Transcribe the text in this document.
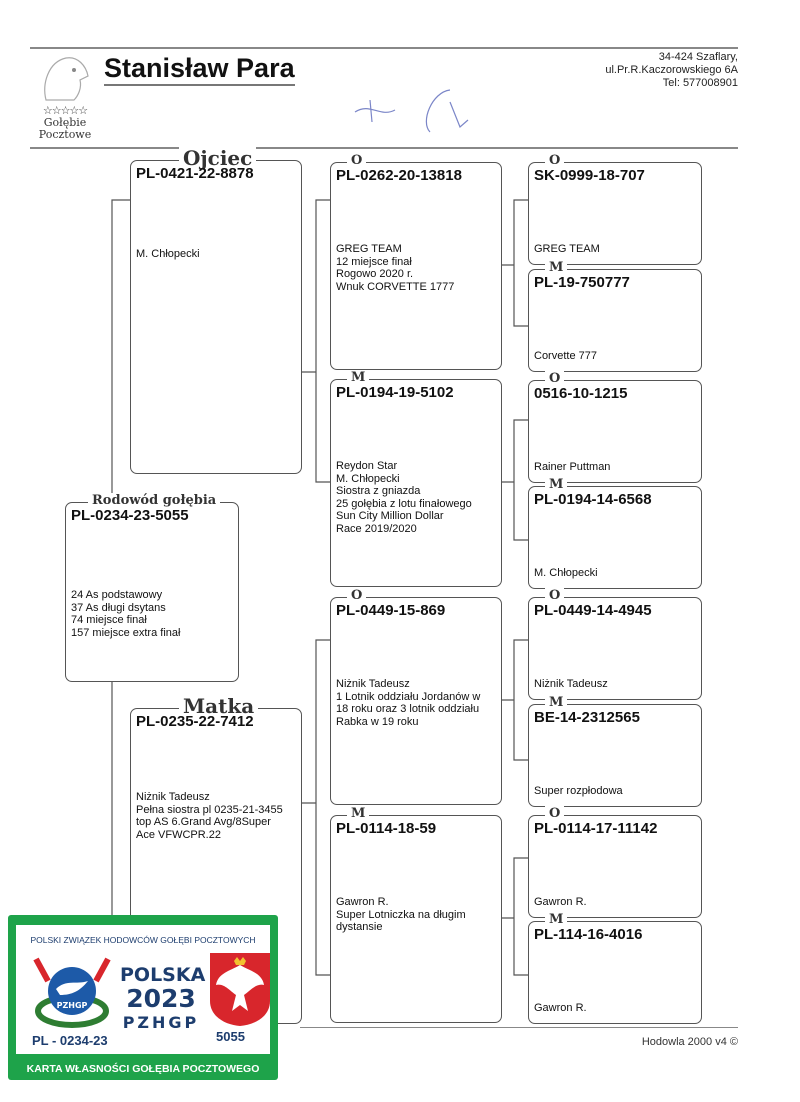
☆☆☆☆☆
Gołębie
Pocztowe
Stanisław Para	34-424 Szaflary,
ul.Pr.R.Kaczorowskiego 6A
Tel: 577008901
Rodowód gołębia
PL-0234-23-5055
24 As podstawowy
37 As długi dsytans
74 miejsce finał
157 miejsce extra finał
Ojciec
PL-0421-22-8878
M. Chłopecki
Matka
PL-0235-22-7412
Niżnik Tadeusz
Pełna siostra pl 0235-21-3455
top AS 6.Grand Avg/8Super
Ace VFWCPR.22
O
PL-0262-20-13818
GREG TEAM
12 miejsce finał
Rogowo 2020 r.
Wnuk CORVETTE 1777
M
PL-0194-19-5102
Reydon Star
M. Chłopecki
Siostra z gniazda
25 gołębia z lotu finałowego
Sun City Million Dollar
Race 2019/2020
O
PL-0449-15-869
Niżnik Tadeusz
1 Lotnik oddziału Jordanów w
18 roku oraz 3 lotnik oddziału
Rabka w 19 roku
M
PL-0114-18-59
Gawron R.
Super Lotniczka na długim
dystansie
O
SK-0999-18-707
GREG TEAM
M
PL-19-750777
Corvette 777
O
0516-10-1215
Rainer Puttman
M
PL-0194-14-6568
M. Chłopecki
O
PL-0449-14-4945
Niżnik Tadeusz
M
BE-14-2312565
Super rozpłodowa
O
PL-0114-17-11142
Gawron R.
M
PL-114-16-4016
Gawron R.
Hodowla 2000 v4 ©
POLSKI ZWIĄZEK HODOWCÓW GOŁĘBI POCZTOWYCH
PZHGP
POLSKA
2023
PZHGP
PL - 0234-23	5055
KARTA WŁASNOŚCI GOŁĘBIA POCZTOWEGO
